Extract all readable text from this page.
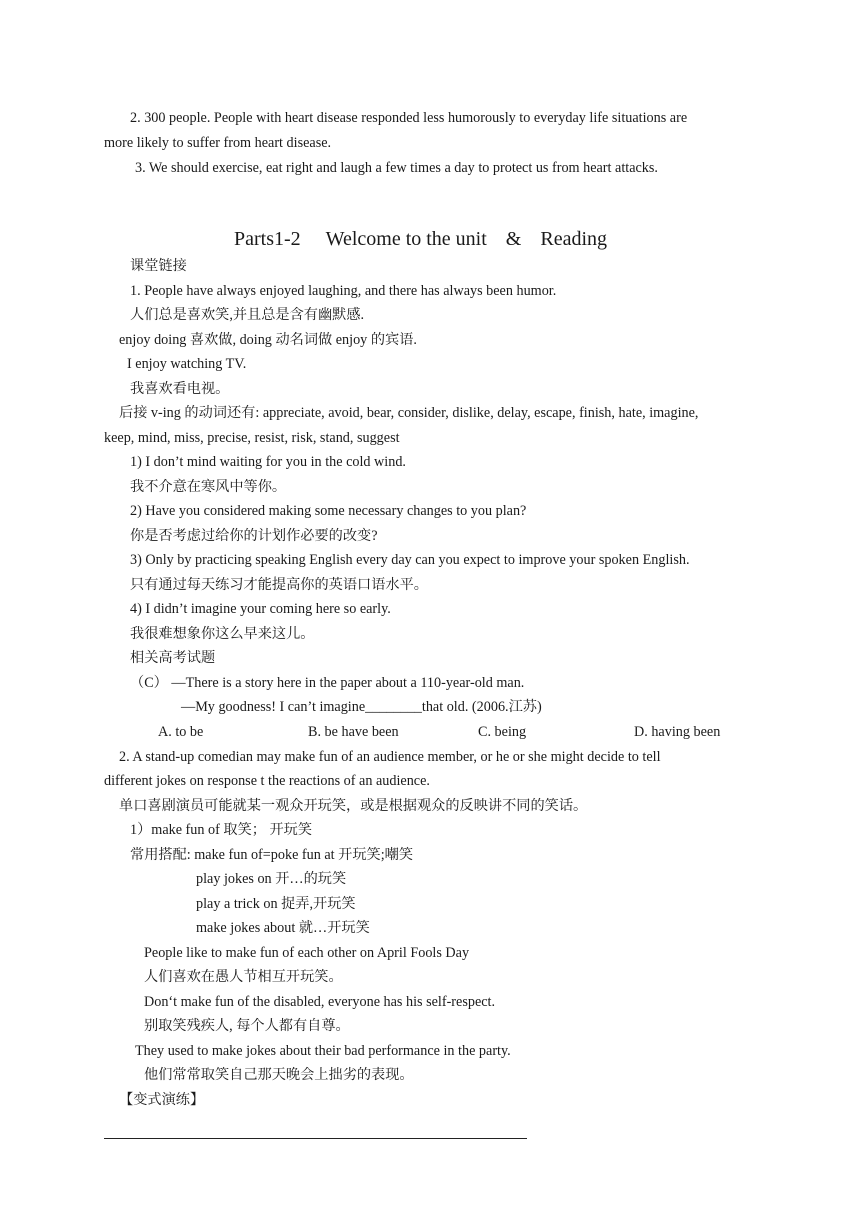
2. 300 people. People with heart disease responded less humorously to everyday life situations are
more likely to suffer from heart disease.
3. We should exercise, eat right and laugh a few times a day to protect us from heart attacks.
Parts1-2 Welcome to the unit & Reading
课堂链接
1. People have always enjoyed laughing, and there has always been humor.
人们总是喜欢笑,并且总是含有幽默感.
enjoy doing 喜欢做, doing 动名词做 enjoy 的宾语.
I enjoy watching TV.
我喜欢看电视。
后接 v-ing 的动词还有: appreciate, avoid, bear, consider, dislike, delay, escape, finish, hate, imagine,
keep, mind, miss, precise, resist, risk, stand, suggest
1) I don’t mind waiting for you in the cold wind.
我不介意在寒风中等你。
2) Have you considered making some necessary changes to you plan?
你是否考虑过给你的计划作必要的改变?
3) Only by practicing speaking English every day can you expect to improve your spoken English.
只有通过每天练习才能提高你的英语口语水平。
4) I didn’t imagine your coming here so early.
我很难想象你这么早来这儿。
相关高考试题
（C） —There is a story here in the paper about a 110-year-old man.
—My goodness! I can’t imagine________that old. (2006.江苏)
A. to be	B. be have been	C. being	D. having been
2. A stand-up comedian may make fun of an audience member, or he or she might decide to tell
different jokes on response t the reactions of an audience.
单口喜剧演员可能就某一观众开玩笑，或是根据观众的反映讲不同的笑话。
1）make fun of 取笑； 开玩笑
常用搭配: make fun of=poke fun at 开玩笑;嘲笑
play jokes on 开…的玩笑
play a trick on 捉弄,开玩笑
make jokes about 就…开玩笑
People like to make fun of each other on April Fools Day
人们喜欢在愚人节相互开玩笑。
Don‘t make fun of the disabled, everyone has his self-respect.
别取笑残疾人, 每个人都有自尊。
They used to make jokes about their bad performance in the party.
他们常常取笑自己那天晚会上拙劣的表现。
【变式演练】
